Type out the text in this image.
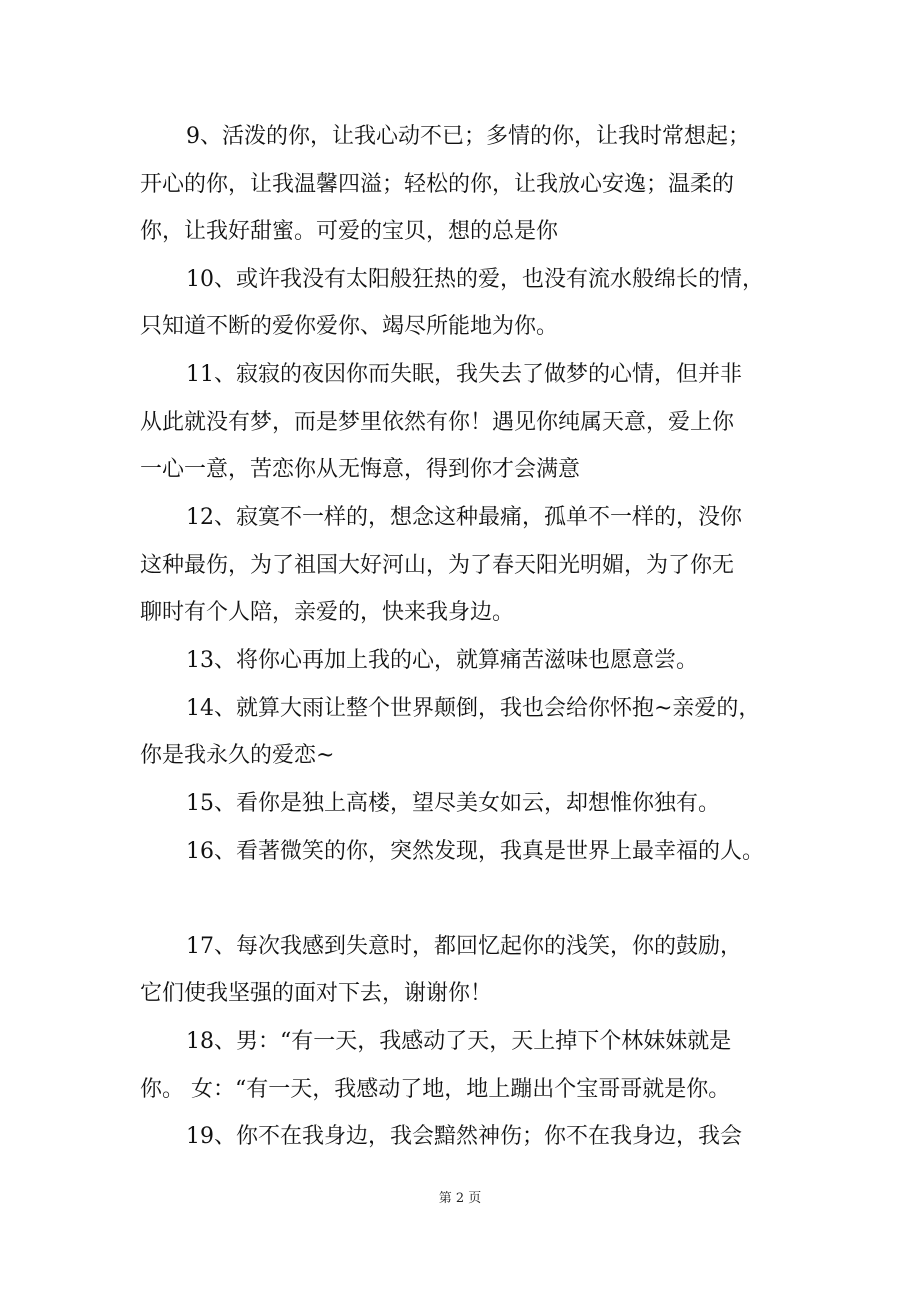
9、活泼的你，让我心动不已；多情的你，让我时常想起；
开心的你，让我温馨四溢；轻松的你，让我放心安逸；温柔的
你，让我好甜蜜。可爱的宝贝，想的总是你
10、或许我没有太阳般狂热的爱，也没有流水般绵长的情，
只知道不断的爱你爱你、竭尽所能地为你。
11、寂寂的夜因你而失眠，我失去了做梦的心情，但并非
从此就没有梦，而是梦里依然有你！遇见你纯属天意，爱上你
一心一意，苦恋你从无悔意，得到你才会满意
12、寂寞不一样的，想念这种最痛，孤单不一样的，没你
这种最伤，为了祖国大好河山，为了春天阳光明媚，为了你无
聊时有个人陪，亲爱的，快来我身边。
13、将你心再加上我的心，就算痛苦滋味也愿意尝。
14、就算大雨让整个世界颠倒，我也会给你怀抱~亲爱的，
你是我永久的爱恋~
15、看你是独上高楼，望尽美女如云，却想惟你独有。
16、看著微笑的你，突然发现，我真是世界上最幸福的人。
17、每次我感到失意时，都回忆起你的浅笑，你的鼓励，
它们使我坚强的面对下去，谢谢你！
18、男：“有一天，我感动了天，天上掉下个林妹妹就是
你。 女：“有一天，我感动了地，地上蹦出个宝哥哥就是你。
19、你不在我身边，我会黯然神伤；你不在我身边，我会
第 2 页
